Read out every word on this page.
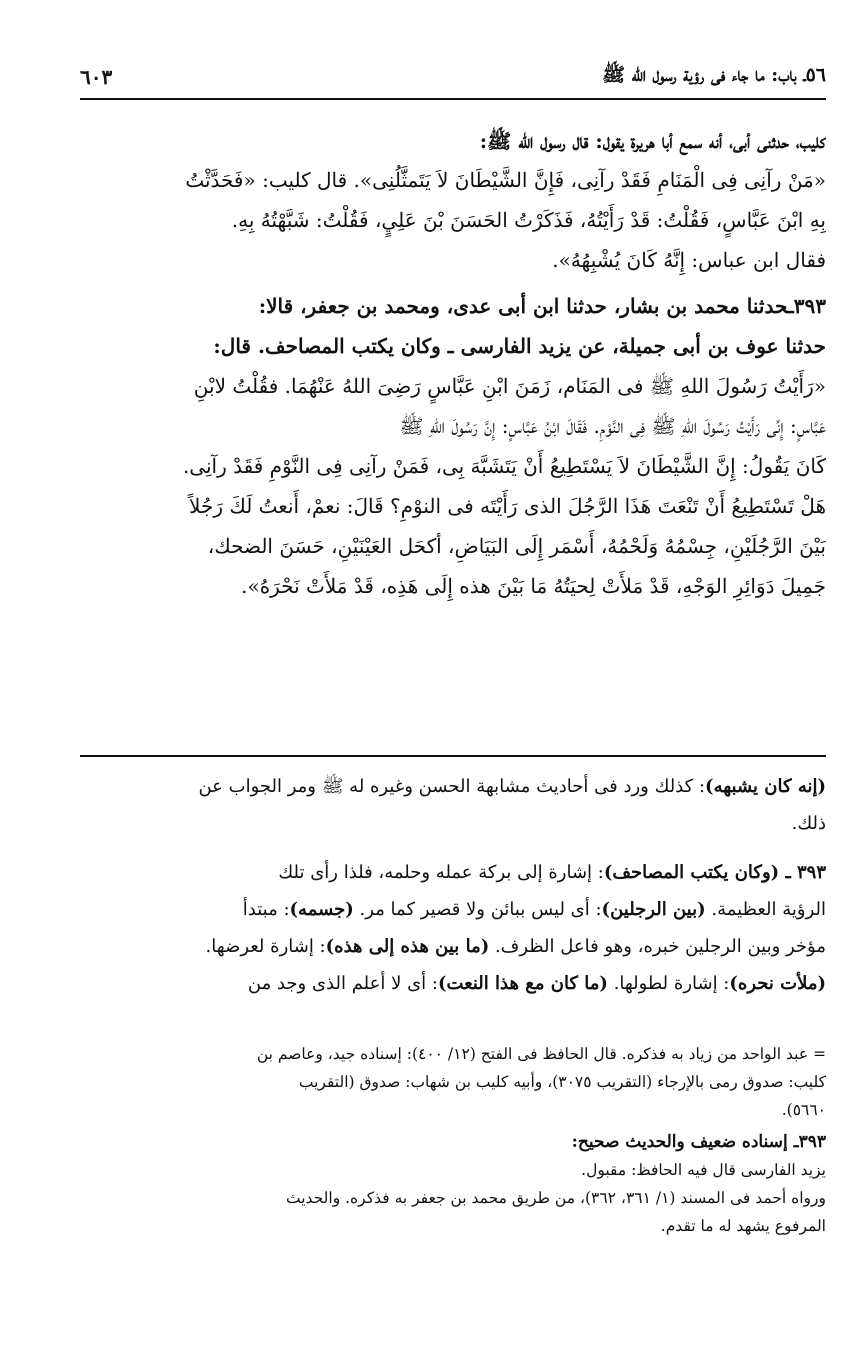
٥٦ـ باب: ما جاء فى رؤية رسول الله ﷺ
٦٠٣
كليب، حدثنى أبى، أنه سمع أبا هريرة يقول: قال رسول الله ﷺ:
«مَنْ رآنِى فِى الْمَنَامِ فَقَدْ رآنِى، فَإِنَّ الشَّيْطَانَ لاَ يَتَمثَّلُنِى». قال كليب: «فَحَدَّثْتُ
بِهِ ابْنَ عَبَّاسٍ، فَقُلْتُ: قَدْ رَأَيْتُهُ، فَذَكَرْتُ الحَسَنَ بْنَ عَلِيٍ، فَقُلْتُ: شَبَّهْتُهُ بِهِ.
فقال ابن عباس: إِنَّهُ كَانَ يُشْبِهُهُ».
٣٩٣ـحدثنا محمد بن بشار، حدثنا ابن أبى عدى، ومحمد بن جعفر، قالا:
حدثنا عوف بن أبى جميلة، عن يزيد الفارسى ـ وكان يكتب المصاحف. قال:
«رَأَيْتُ رَسُولَ اللهِ ﷺ فى المَنَام، زَمَنَ ابْنِ عَبَّاسٍ رَضِىَ اللهُ عَنْهُمَا. فقُلْتُ لابْنِ
عَبَّاسٍ: إِنِّى رَأَيْتُ رَسُولَ اللهِ ﷺ فِى النَّوْمِ. فَقَالَ ابْنُ عَبَّاسٍ: إِنَّ رَسُولَ اللهِ ﷺ
كَانَ يَقُولُ: إِنَّ الشَّيْطَانَ لاَ يَسْتَطِيعُ أَنْ يَتَشَبَّهَ بِى، فَمَنْ رآنِى فِى النَّوْمِ فَقَدْ رآنِى.
هَلْ تَسْتَطِيعُ أَنْ تَنْعَتَ هَذَا الرَّجُلَ الذى رَأَيْتَه فى النوْمِ؟ قَالَ: نعمْ، أَنعتُ لَكَ رَجُلاً
بَيْنَ الرَّجُلَيْنِ، جِسْمُهُ وَلَحْمُهُ، أَسْمَر إِلَى البَيَاضِ، أكحَل العَيْنَيْنِ، حَسَنَ الضحك،
جَمِيلَ دَوَائِرِ الوَجْهِ، قَدْ مَلأَتْ لِحيَتُهُ مَا بَيْنَ هذه إِلَى هَذِه، قَدْ مَلأَتْ نَحْرَهُ».
(إنه كان يشبهه): كذلك ورد فى أحاديث مشابهة الحسن وغيره له ﷺ ومر الجواب عن
ذلك.
٣٩٣ ـ (وكان يكتب المصاحف): إشارة إلى بركة عمله وحلمه، فلذا رأى تلك
الرؤية العظيمة. (بين الرجلين): أى ليس ببائن ولا قصير كما مر. (جسمه): مبتدأ
مؤخر وبين الرجلين خبره، وهو فاعل الظرف. (ما بين هذه إلى هذه): إشارة لعرضها.
(ملأت نحره): إشارة لطولها. (ما كان مع هذا النعت): أى لا أعلم الذى وجد من
= عبد الواحد من زياد به فذكره. قال الحافظ فى الفتح (١٢/ ٤٠٠): إسناده جيد، وعاصم بن
كليب: صدوق رمى بالإرجاء (التقريب ٣٠٧٥)، وأبيه كليب بن شهاب: صدوق (التقريب
٥٦٦٠).
٣٩٣ـ إسناده ضعيف والحديث صحيح:
يزيد الفارسى قال فيه الحافظ: مقبول.
ورواه أحمد فى المسند (١/ ٣٦١، ٣٦٢)، من طريق محمد بن جعفر به فذكره. والحديث
المرفوع يشهد له ما تقدم.
